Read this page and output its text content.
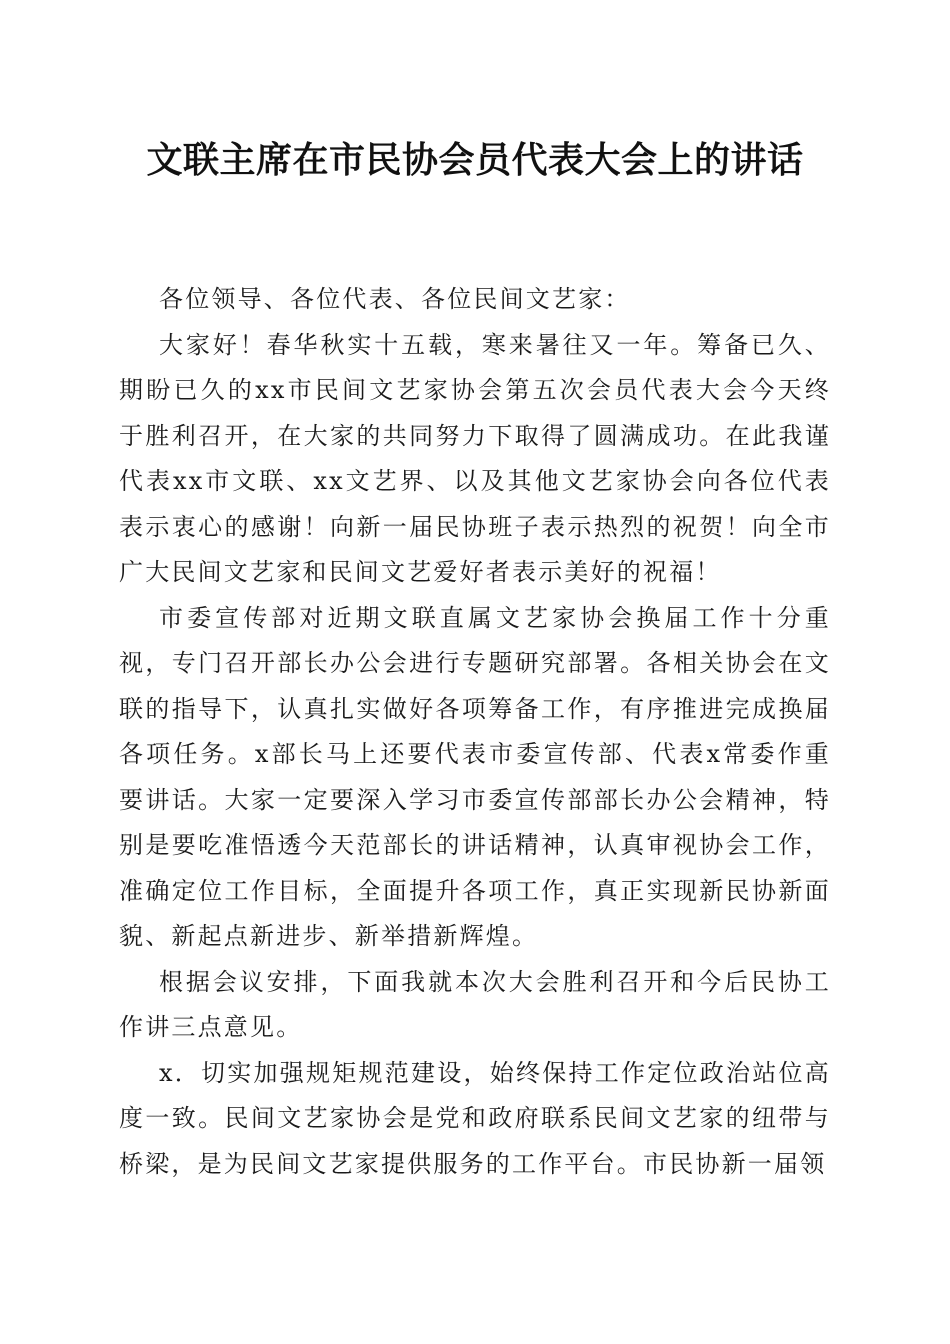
文联主席在市民协会员代表大会上的讲话

各位领导、各位代表、各位民间文艺家：

大家好！春华秋实十五载，寒来暑往又一年。筹备已久、期盼已久的xx市民间文艺家协会第五次会员代表大会今天终于胜利召开，在大家的共同努力下取得了圆满成功。在此我谨代表xx市文联、xx文艺界、以及其他文艺家协会向各位代表表示衷心的感谢！向新一届民协班子表示热烈的祝贺！向全市广大民间文艺家和民间文艺爱好者表示美好的祝福！

市委宣传部对近期文联直属文艺家协会换届工作十分重视，专门召开部长办公会进行专题研究部署。各相关协会在文联的指导下，认真扎实做好各项筹备工作，有序推进完成换届各项任务。x部长马上还要代表市委宣传部、代表x常委作重要讲话。大家一定要深入学习市委宣传部部长办公会精神，特别是要吃准悟透今天范部长的讲话精神，认真审视协会工作，准确定位工作目标，全面提升各项工作，真正实现新民协新面貌、新起点新进步、新举措新辉煌。

根据会议安排，下面我就本次大会胜利召开和今后民协工作讲三点意见。

x．切实加强规矩规范建设，始终保持工作定位政治站位高度一致。民间文艺家协会是党和政府联系民间文艺家的纽带与桥梁，是为民间文艺家提供服务的工作平台。市民协新一届领
